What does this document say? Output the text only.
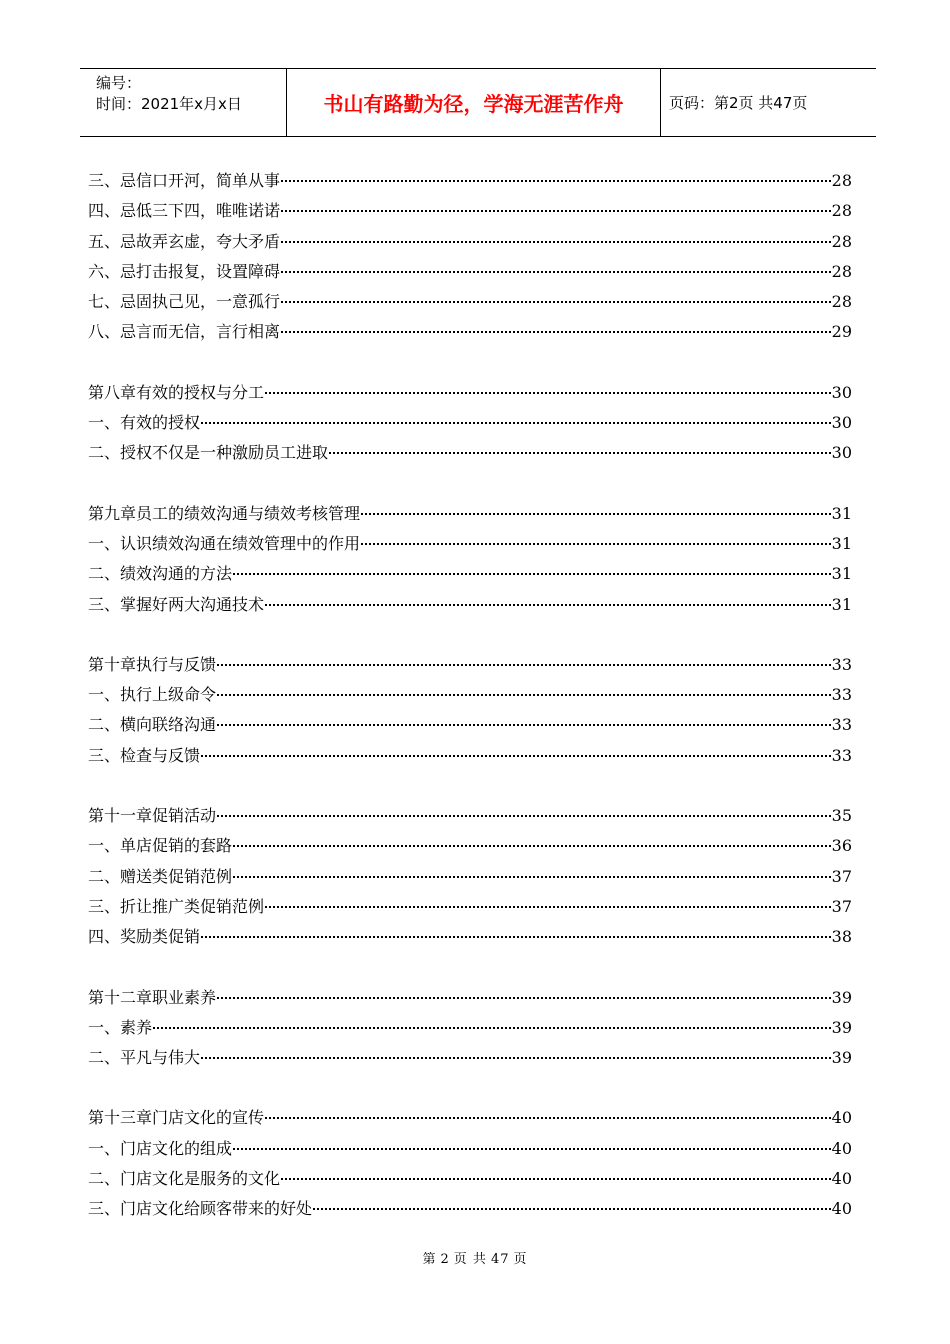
编号：
时间：2021年x月x日	书山有路勤为径，学海无涯苦作舟	页码：第2页 共47页
三、忌信口开河，简单从事	28
四、忌低三下四，唯唯诺诺	28
五、忌故弄玄虚，夸大矛盾	28
六、忌打击报复，设置障碍	28
七、忌固执己见，一意孤行	28
八、忌言而无信，言行相离	29
第八章有效的授权与分工	30
一、有效的授权	30
二、授权不仅是一种激励员工进取	30
第九章员工的绩效沟通与绩效考核管理	31
一、认识绩效沟通在绩效管理中的作用	31
二、绩效沟通的方法	31
三、掌握好两大沟通技术	31
第十章执行与反馈	33
一、执行上级命令	33
二、横向联络沟通	33
三、检查与反馈	33
第十一章促销活动	35
一、单店促销的套路	36
二、赠送类促销范例	37
三、折让推广类促销范例	37
四、奖励类促销	38
第十二章职业素养	39
一、素养	39
二、平凡与伟大	39
第十三章门店文化的宣传	40
一、门店文化的组成	40
二、门店文化是服务的文化	40
三、门店文化给顾客带来的好处	40
第 2 页 共 47 页
